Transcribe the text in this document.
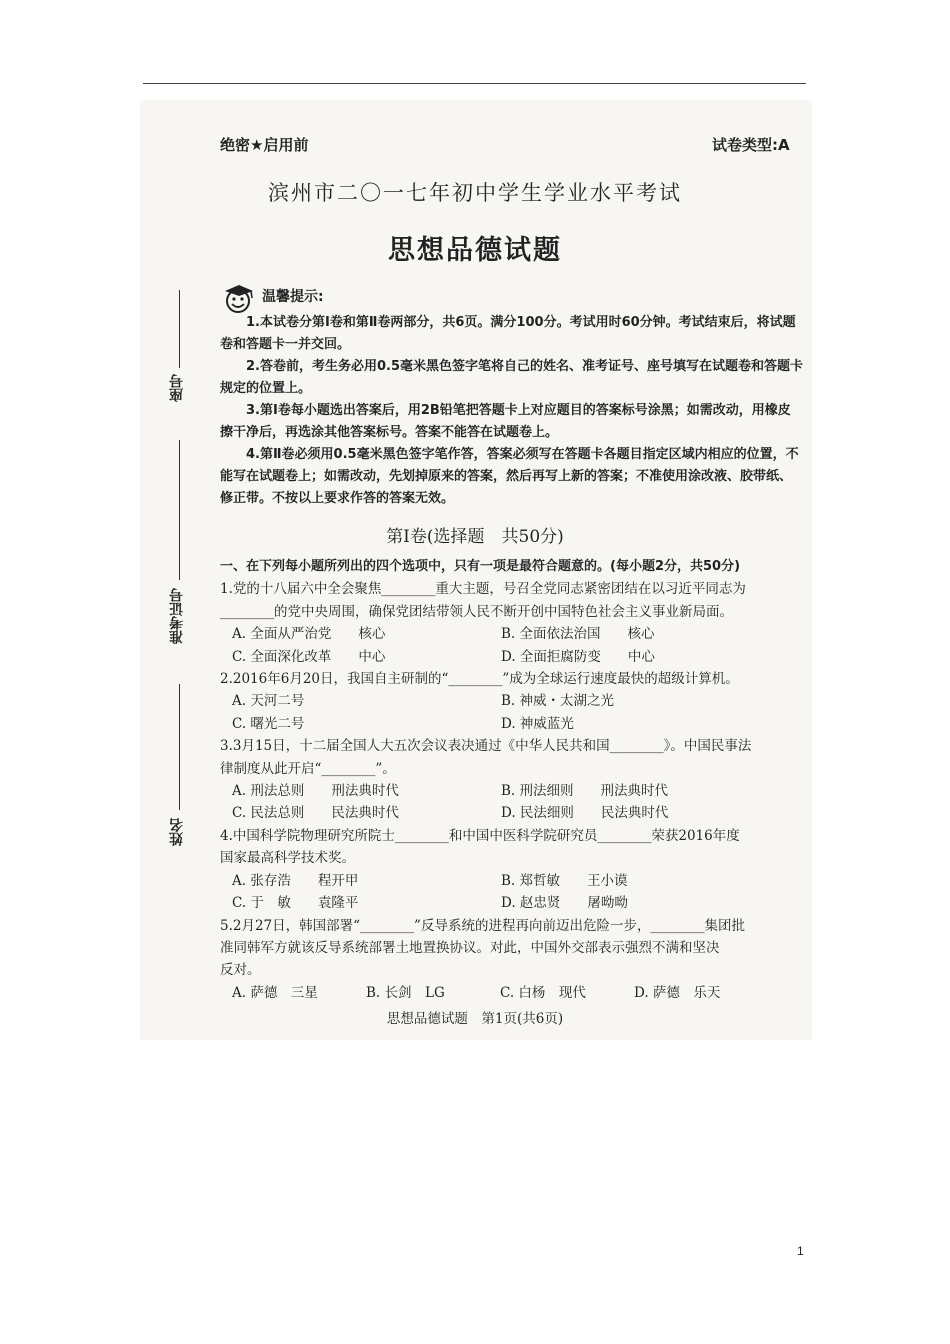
座号
准考证号
姓名
绝密★启用前	试卷类型:A
滨州市二〇一七年初中学生学业水平考试
思想品德试题
温馨提示:

1.本试卷分第Ⅰ卷和第Ⅱ卷两部分，共6页。满分100分。考试用时60分钟。考试结束后，将试题卷和答题卡一并交回。

2.答卷前，考生务必用0.5毫米黑色签字笔将自己的姓名、准考证号、座号填写在试题卷和答题卡规定的位置上。

3.第Ⅰ卷每小题选出答案后，用2B铅笔把答题卡上对应题目的答案标号涂黑；如需改动，用橡皮擦干净后，再选涂其他答案标号。答案不能答在试题卷上。

4.第Ⅱ卷必须用0.5毫米黑色签字笔作答，答案必须写在答题卡各题目指定区域内相应的位置，不能写在试题卷上；如需改动，先划掉原来的答案，然后再写上新的答案；不准使用涂改液、胶带纸、修正带。不按以上要求作答的答案无效。

第Ⅰ卷(选择题　共50分)

一、在下列每小题所列出的四个选项中，只有一项是最符合题意的。(每小题2分，共50分)

1.党的十八届六中全会聚焦________重大主题，号召全党同志紧密团结在以习近平同志为

________的党中央周围，确保党团结带领人民不断开创中国特色社会主义事业新局面。

A. 全面从严治党　　核心	B. 全面依法治国　　核心
C. 全面深化改革　　中心	D. 全面拒腐防变　　中心

2.2016年6月20日，我国自主研制的“________”成为全球运行速度最快的超级计算机。

A. 天河二号	B. 神威・太湖之光
C. 曙光二号	D. 神威蓝光

3.3月15日，十二届全国人大五次会议表决通过《中华人民共和国________》。中国民事法

律制度从此开启“________”。

A. 刑法总则　　刑法典时代	B. 刑法细则　　刑法典时代
C. 民法总则　　民法典时代	D. 民法细则　　民法典时代

4.中国科学院物理研究所院士________和中国中医科学院研究员________荣获2016年度

国家最高科学技术奖。

A. 张存浩　　程开甲	B. 郑哲敏　　王小谟
C. 于　敏　　袁隆平	D. 赵忠贤　　屠呦呦

5.2月27日，韩国部署“________”反导系统的进程再向前迈出危险一步，________集团批

准同韩军方就该反导系统部署土地置换协议。对此，中国外交部表示强烈不满和坚决

反对。

A. 萨德　三星	B. 长剑　LG	C. 白杨　现代	D. 萨德　乐天
思想品德试题　第1页(共6页)
1
